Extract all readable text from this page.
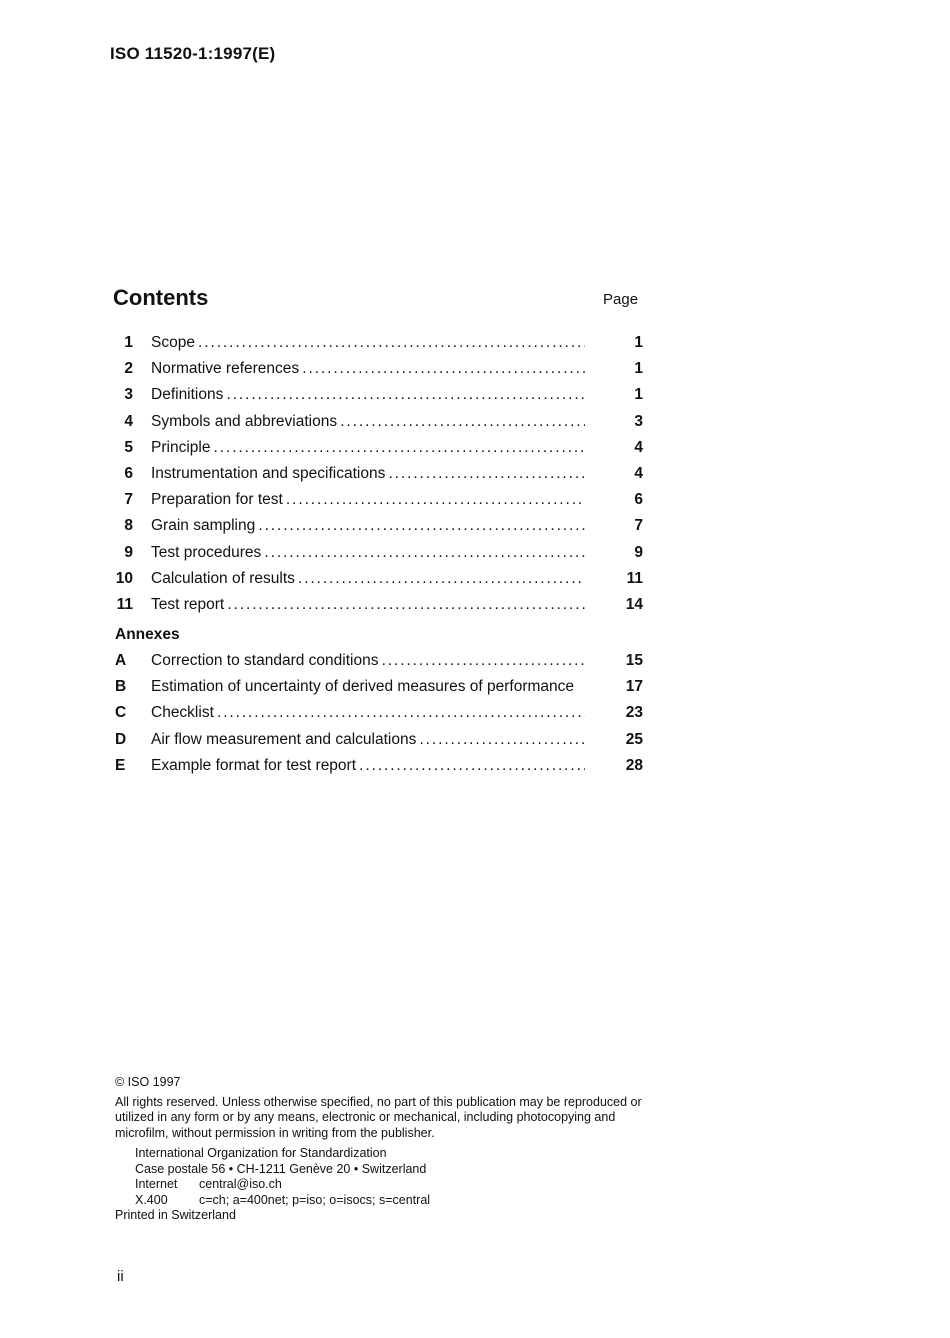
ISO 11520-1:1997(E)
Contents	Page
1 Scope . . .	1
2 Normative references . . .	1
3 Definitions . . .	1
4 Symbols and abbreviations . . .	3
5 Principle . . .	4
6 Instrumentation and specifications . . .	4
7 Preparation for test . . .	6
8 Grain sampling . . .	7
9 Test procedures . . .	9
10 Calculation of results . . .	11
11 Test report . . .	14
Annexes
A Correction to standard conditions . . .	15
B Estimation of uncertainty of derived measures of performance	17
C Checklist . . .	23
D Air flow measurement and calculations . . .	25
E Example format for test report . . .	28

© ISO 1997

All rights reserved. Unless otherwise specified, no part of this publication may be reproduced or utilized in any form or by any means, electronic or mechanical, including photocopying and microfilm, without permission in writing from the publisher.

International Organization for Standardization

Case postale 56 • CH-1211 Genève 20 • Switzerland

Internet central@iso.ch

X.400	c=ch; a=400net; p=iso; o=isocs; s=central

Printed in Switzerland

ii
